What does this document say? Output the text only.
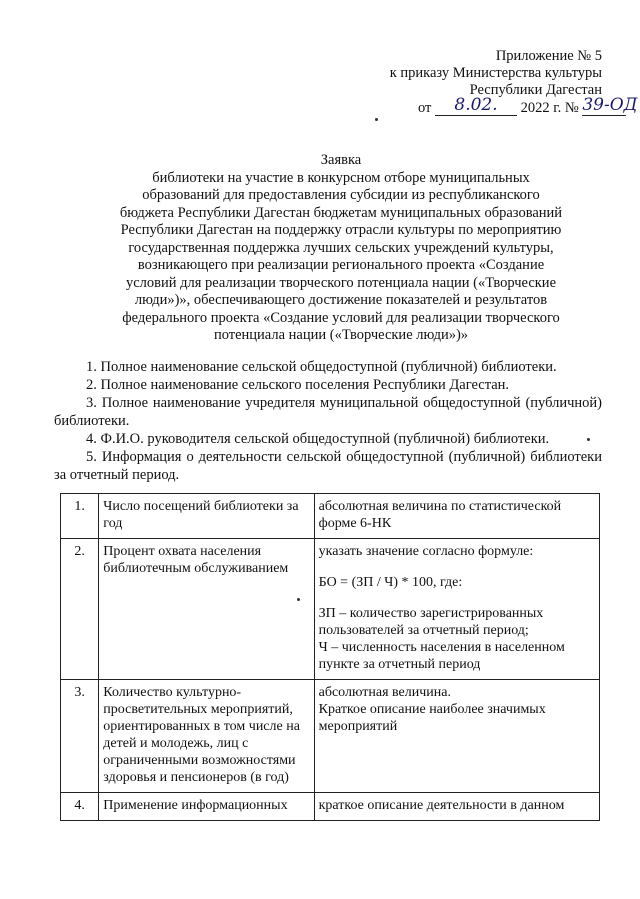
Приложение № 5
к приказу Министерства культуры
Республики Дагестан
от 8.02. 2022 г. № 39-ОД
Заявка
библиотеки на участие в конкурсном отборе муниципальных
образований для предоставления субсидии из республиканского
бюджета Республики Дагестан бюджетам муниципальных образований
Республики Дагестан на поддержку отрасли культуры по мероприятию
государственная поддержка лучших сельских учреждений культуры,
возникающего при реализации регионального проекта «Создание
условий для реализации творческого потенциала нации («Творческие
люди»)», обеспечивающего достижение показателей и результатов
федерального проекта «Создание условий для реализации творческого
потенциала нации («Творческие люди»)»

1. Полное наименование сельской общедоступной (публичной) библиотеки.

2. Полное наименование сельского поселения Республики Дагестан.

3. Полное наименование учредителя муниципальной общедоступной (публичной) библиотеки.

4. Ф.И.О. руководителя сельской общедоступной (публичной) библиотеки.

5. Информация о деятельности сельской общедоступной (публичной) библиотеки за отчетный период.

1.	Число посещений библиотеки за год	абсолютная величина по статистической форме 6-НК

2.	Процент охвата населения библиотечным обслуживанием	указать значение согласно формуле:

БО = (ЗП / Ч) * 100, где:

ЗП – количество зарегистрированных пользователей за отчетный период;

Ч – численность населения в населенном пункте за отчетный период

3.	Количество культурно-просветительных мероприятий, ориентированных в том числе на детей и молодежь, лиц с ограниченными возможностями здоровья и пенсионеров (в год)	абсолютная величина.

Краткое описание наиболее значимых мероприятий

4.	Применение информационных	краткое описание деятельности в данном
